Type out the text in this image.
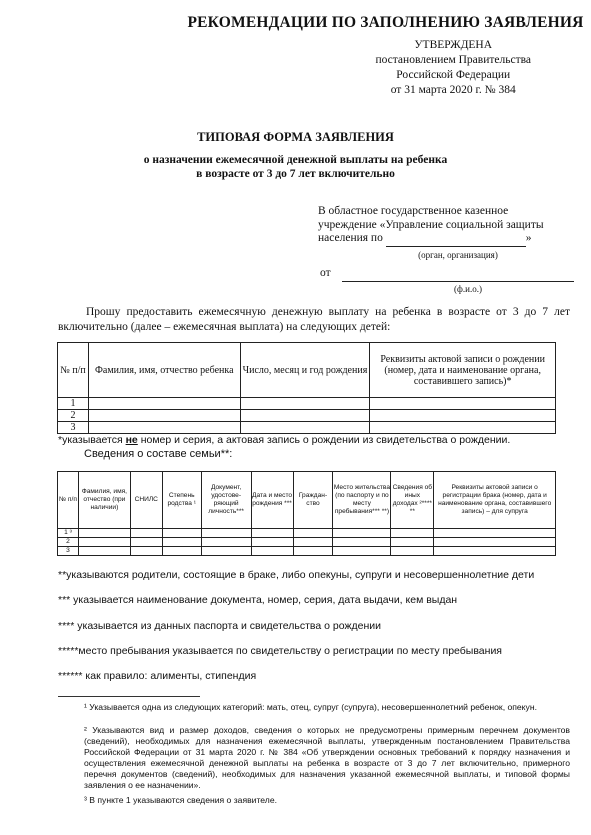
РЕКОМЕНДАЦИИ ПО ЗАПОЛНЕНИЮ ЗАЯВЛЕНИЯ
УТВЕРЖДЕНА
постановлением Правительства
Российской Федерации
от 31 марта 2020 г. № 384
ТИПОВАЯ ФОРМА ЗАЯВЛЕНИЯ
о назначении ежемесячной денежной выплаты на ребенка
в возрасте от 3 до 7 лет включительно
В областное государственное казенное
учреждение «Управление социальной защиты
населения по	»
(орган, организация)
от
(ф.и.о.)
Прошу предоставить ежемесячную денежную выплату на ребенка в возрасте от 3 до 7 лет включительно (далее – ежемесячная выплата) на следующих детей:
№ п/п	Фамилия, имя, отчество ребенка	Число, месяц и год рождения	Реквизиты актовой записи о рождении (номер, дата и наименование органа, составившего запись)*
1			
2			
3			
*указывается не номер и серия, а актовая запись о рождении из свидетельства о рождении.
Сведения о составе семьи**:
№ п/п	Фамилия, имя, отчество (при наличии)	СНИЛС	Степень родства ¹	Документ, удостове-ряющий личность***	Дата и место рождения ***	Граждан-ство	Место жительства (по паспорту и по месту пребывания*** **)	Сведения об иных доходах ²**** **	Реквизиты актовой записи о регистрации брака (номер, дата и наименование органа, составившего запись) – для супруга
1 ³									
2									
3									
**указываются родители, состоящие в браке, либо опекуны, супруги и несовершеннолетние дети
*** указывается наименование документа, номер, серия, дата выдачи, кем выдан
**** указывается из данных паспорта и свидетельства о рождении
*****место пребывания указывается по свидетельству о регистрации по месту пребывания
****** как правило: алименты, стипендия
¹ Указывается одна из следующих категорий: мать, отец, супруг (супруга), несовершеннолетний ребенок, опекун.
² Указываются вид и размер доходов, сведения о которых не предусмотрены примерным перечнем документов (сведений), необходимых для назначения ежемесячной выплаты, утвержденным постановлением Правительства Российской Федерации от 31 марта 2020 г. № 384 «Об утверждении основных требований к порядку назначения и осуществления ежемесячной денежной выплаты на ребенка в возрасте от 3 до 7 лет включительно, примерного перечня документов (сведений), необходимых для назначения указанной ежемесячной выплаты, и типовой формы заявления о ее назначении».
³ В пункте 1 указываются сведения о заявителе.
